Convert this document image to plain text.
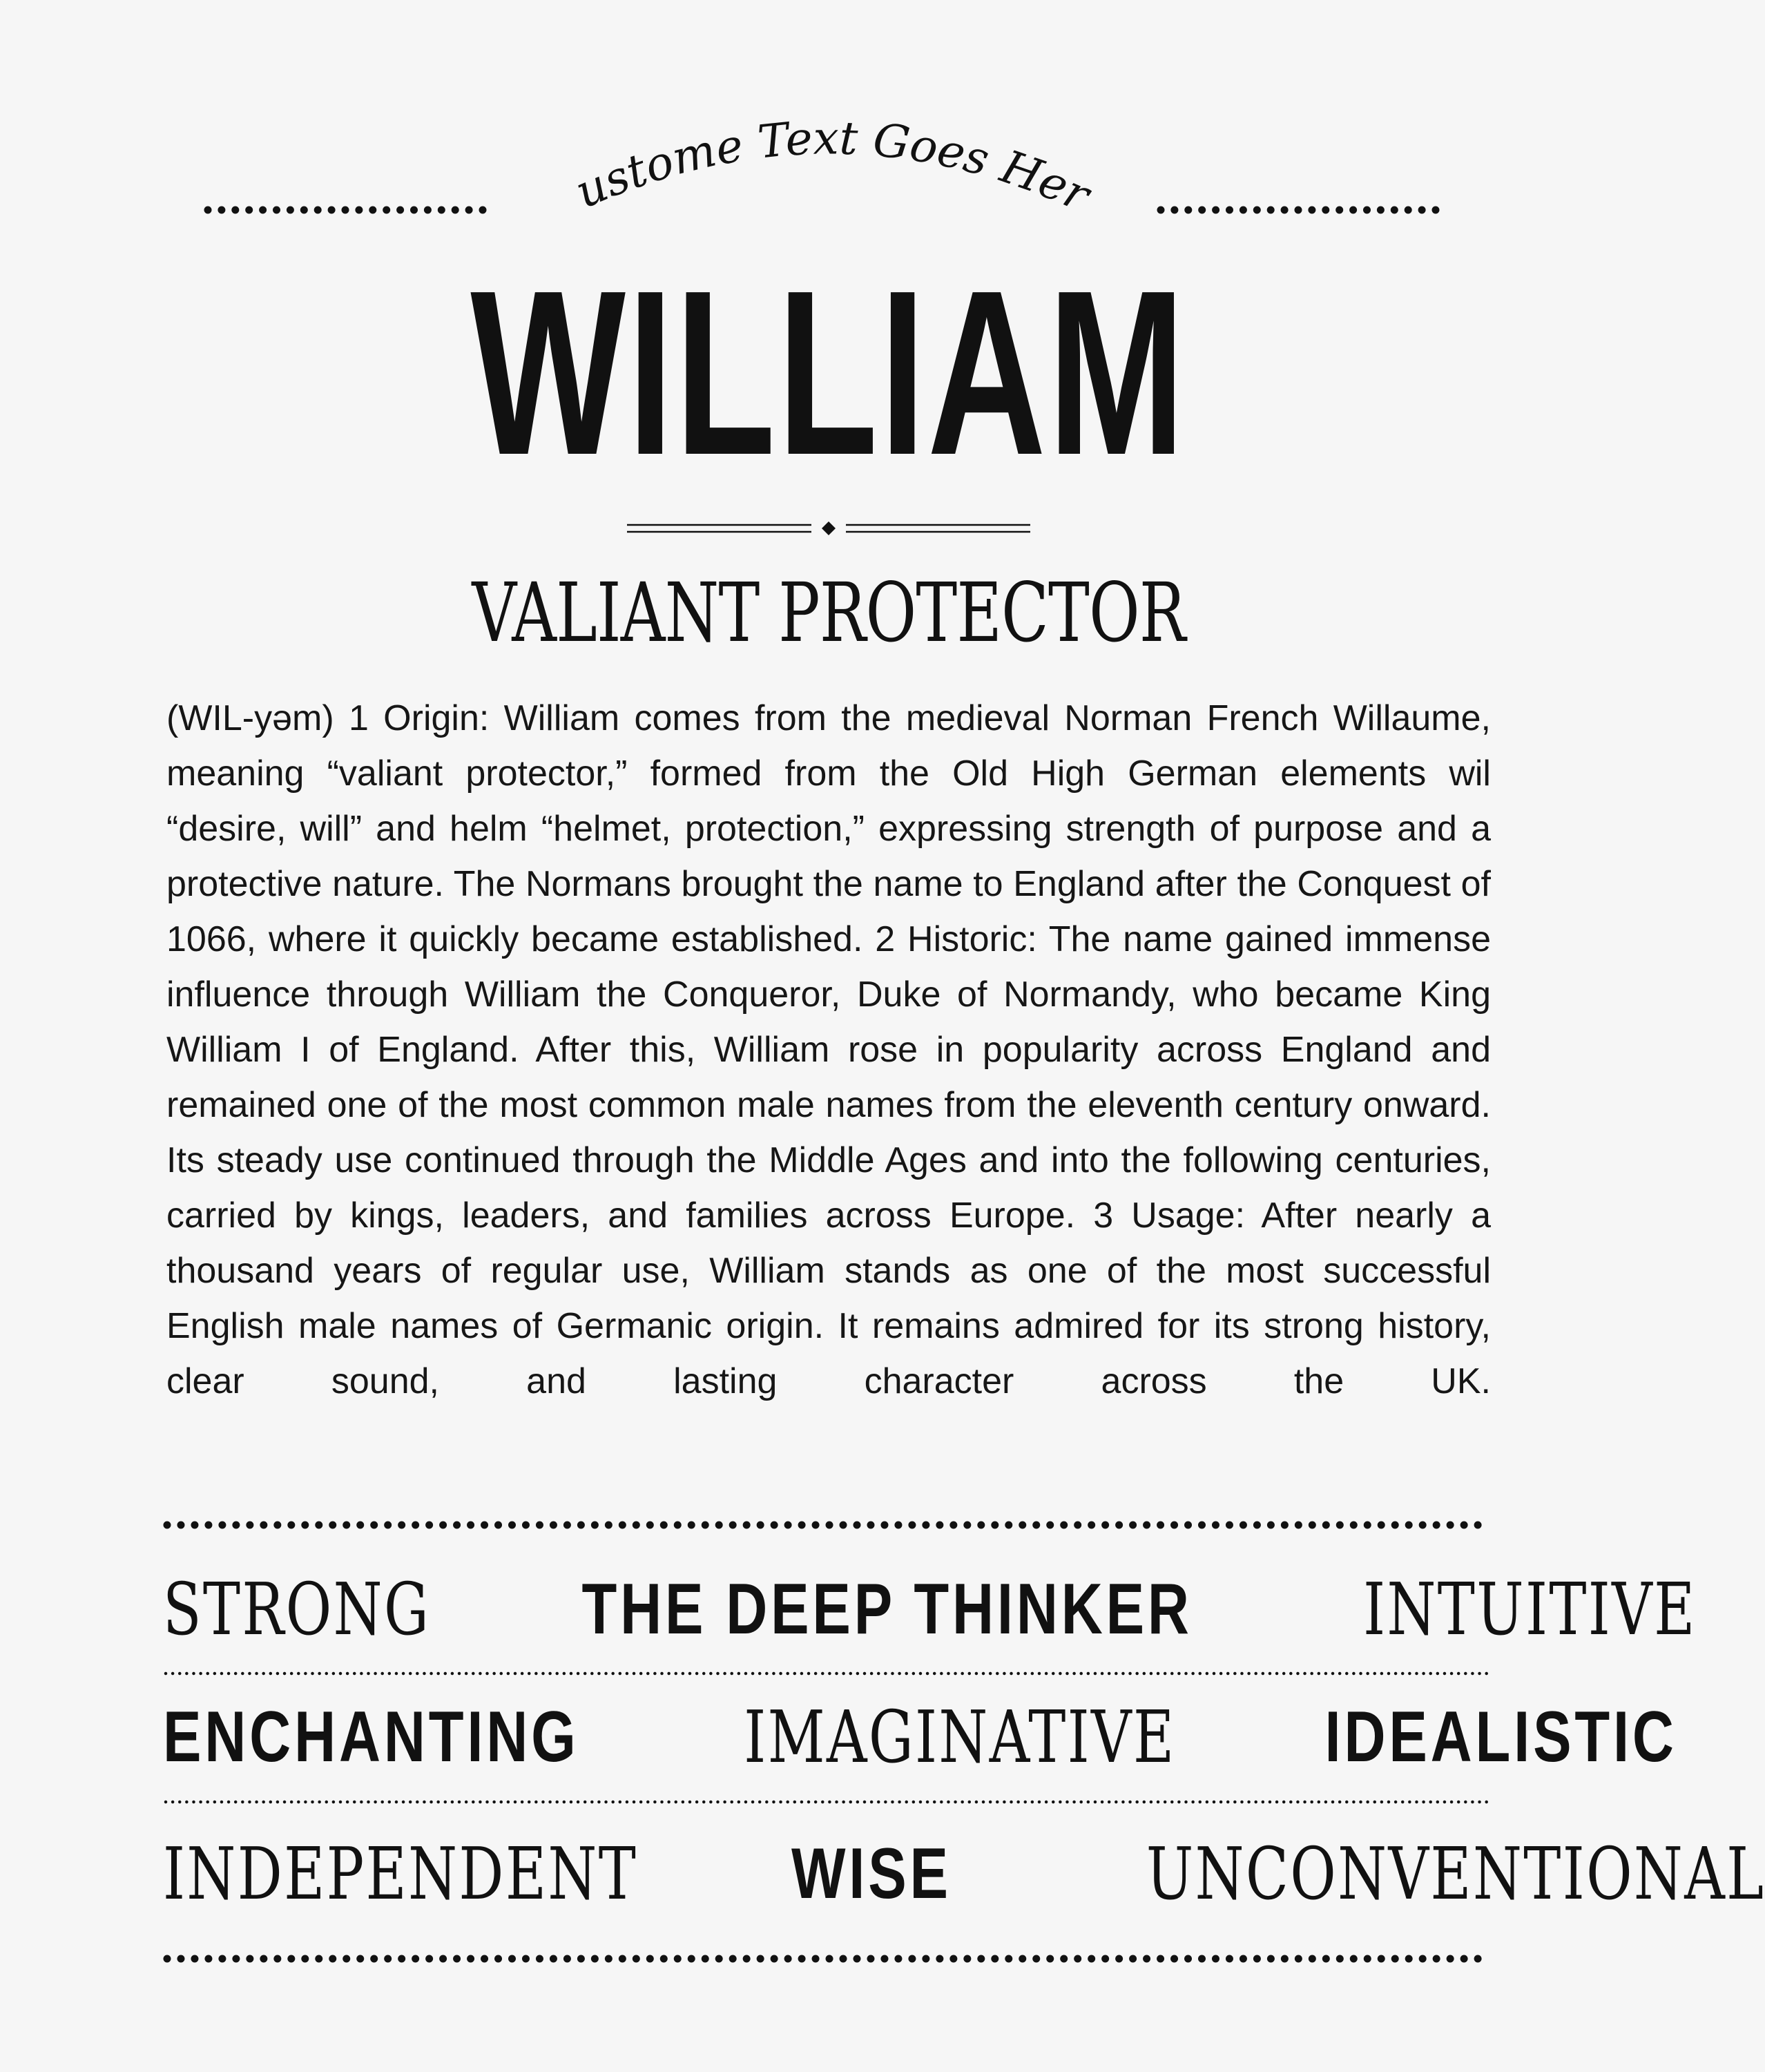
Custome Text Goes Here
WILLIAM
VALIANT PROTECTOR
(WIL-yəm) 1 Origin: William comes from the medieval Norman French Willaume, meaning “valiant protector,” formed from the Old High German elements wil “desire, will” and helm “helmet, protection,” expressing strength of purpose and a protective nature. The Normans brought the name to England after the Conquest of 1066, where it quickly became established. 2 Historic: The name gained immense influence through William the Conqueror, Duke of Normandy, who became King William I of England. After this, William rose in popularity across England and remained one of the most common male names from the eleventh century onward. Its steady use continued through the Middle Ages and into the following centuries, carried by kings, leaders, and families across Europe. 3 Usage: After nearly a thousand years of regular use, William stands as one of the most successful English male names of Germanic origin. It remains admired for its strong history, clear sound, and lasting character across the UK.
STRONG THE DEEP THINKER INTUITIVE
ENCHANTING IMAGINATIVE IDEALISTIC
INDEPENDENT WISE	UNCONVENTIONAL
